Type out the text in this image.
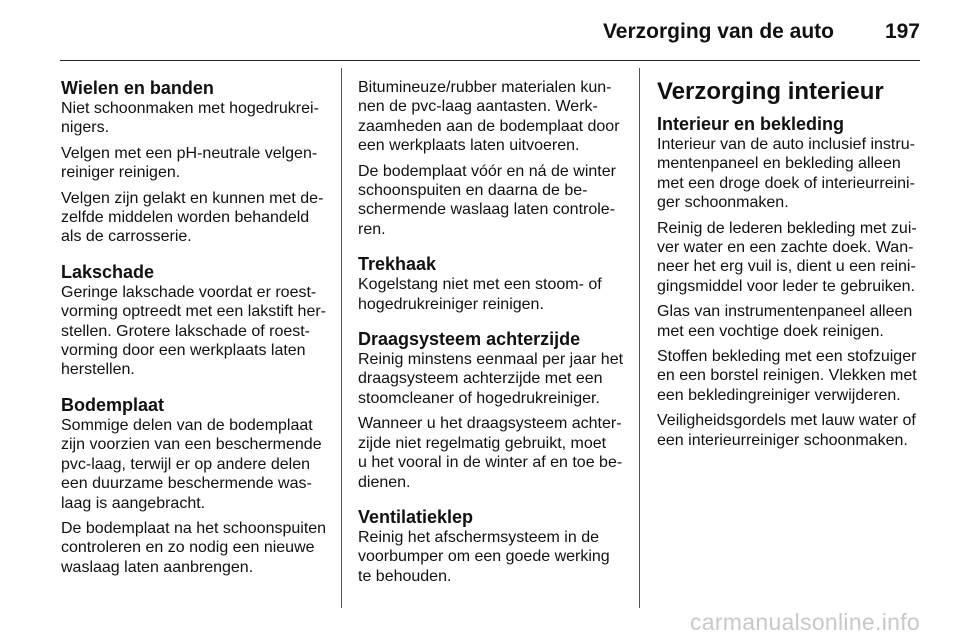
Verzorging van de auto 197
Wielen en banden

Niet schoonmaken met hogedrukrei-
nigers.

Velgen met een pH-neutrale velgen-
reiniger reinigen.

Velgen zijn gelakt en kunnen met de-
zelfde middelen worden behandeld
als de carrosserie.

Lakschade

Geringe lakschade voordat er roest-
vorming optreedt met een lakstift her-
stellen. Grotere lakschade of roest-
vorming door een werkplaats laten
herstellen.

Bodemplaat

Sommige delen van de bodemplaat
zijn voorzien van een beschermende
pvc-laag, terwijl er op andere delen
een duurzame beschermende was-
laag is aangebracht.

De bodemplaat na het schoonspuiten
controleren en zo nodig een nieuwe
waslaag laten aanbrengen.

Bitumineuze/rubber materialen kun-
nen de pvc-laag aantasten. Werk-
zaamheden aan de bodemplaat door
een werkplaats laten uitvoeren.

De bodemplaat vóór en ná de winter
schoonspuiten en daarna de be-
schermende waslaag laten controle-
ren.

Trekhaak

Kogelstang niet met een stoom- of
hogedrukreiniger reinigen.

Draagsysteem achterzijde

Reinig minstens eenmaal per jaar het
draagsysteem achterzijde met een
stoomcleaner of hogedrukreiniger.

Wanneer u het draagsysteem achter-
zijde niet regelmatig gebruikt, moet
u het vooral in de winter af en toe be-
dienen.

Ventilatieklep

Reinig het afschermsysteem in de
voorbumper om een goede werking
te behouden.

Verzorging interieur
Interieur en bekleding

Interieur van de auto inclusief instru-
mentenpaneel en bekleding alleen
met een droge doek of interieurreini-
ger schoonmaken.

Reinig de lederen bekleding met zui-
ver water en een zachte doek. Wan-
neer het erg vuil is, dient u een reini-
gingsmiddel voor leder te gebruiken.

Glas van instrumentenpaneel alleen
met een vochtige doek reinigen.

Stoffen bekleding met een stofzuiger
en een borstel reinigen. Vlekken met
een bekledingreiniger verwijderen.

Veiligheidsgordels met lauw water of
een interieurreiniger schoonmaken.

carmanualsonline.info
